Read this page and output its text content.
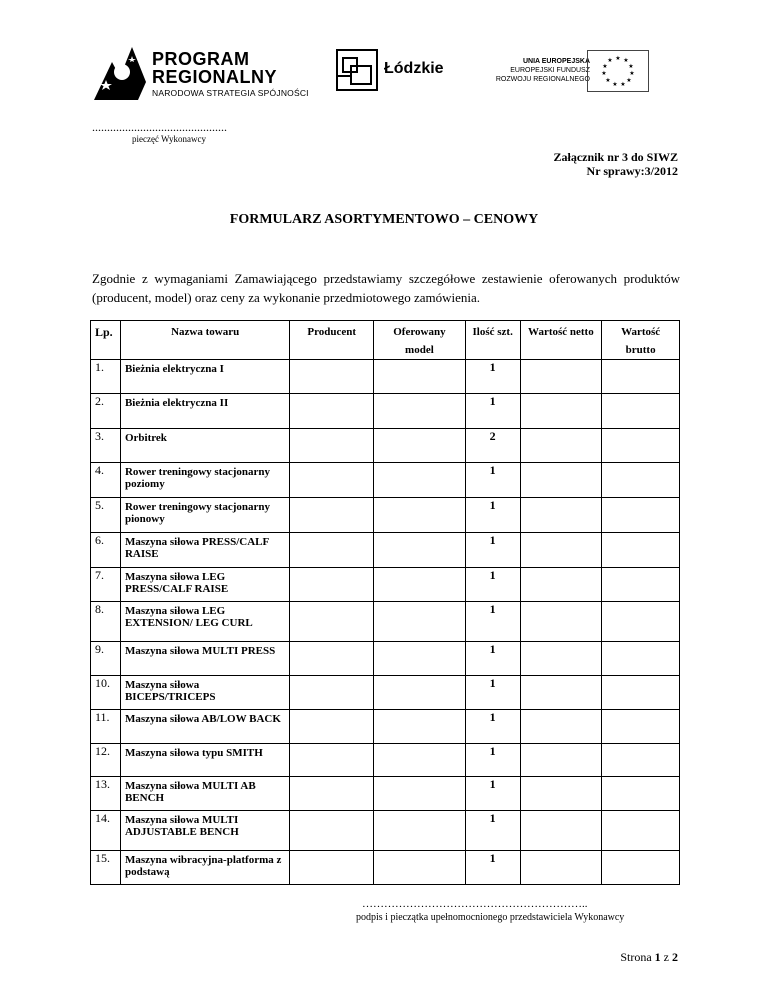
PROGRAM
REGIONALNY
NARODOWA STRATEGIA SPÓJNOŚCI
Łódzkie	UNIA EUROPEJSKA
EUROPEJSKI FUNDUSZ
ROZWOJU REGIONALNEGO
★ ★
★
★
★
★
★
★
★
★
★
.............................................
pieczęć Wykonawcy
Załącznik nr 3 do SIWZ
Nr sprawy:3/2012
FORMULARZ ASORTYMENTOWO – CENOWY
Zgodnie z wymaganiami Zamawiającego przedstawiamy szczegółowe zestawienie oferowanych produktów (producent, model) oraz ceny za wykonanie przedmiotowego zamówienia.
Lp.	Nazwa towaru	Producent	Oferowany model	Ilość szt.	Wartość netto	Wartość brutto
1.	Bieżnia elektryczna I			1		
2.	Bieżnia elektryczna II			1		
3.	Orbitrek			2		
4.	Rower treningowy stacjonarny poziomy			1		
5.	Rower treningowy stacjonarny pionowy			1		
6.	Maszyna siłowa PRESS/CALF RAISE			1		
7.	Maszyna siłowa LEG PRESS/CALF RAISE			1		
8.	Maszyna siłowa LEG EXTENSION/ LEG CURL			1		
9.	Maszyna siłowa MULTI PRESS			1		
10.	Maszyna siłowa BICEPS/TRICEPS			1		
11.	Maszyna siłowa AB/LOW BACK			1		
12.	Maszyna siłowa typu SMITH			1		
13.	Maszyna siłowa MULTI AB BENCH			1		
14.	Maszyna siłowa MULTI ADJUSTABLE BENCH			1		
15.	Maszyna wibracyjna-platforma z podstawą			1		
……………………………………………………..
podpis i pieczątka upełnomocnionego przedstawiciela Wykonawcy
Strona 1 z 2
